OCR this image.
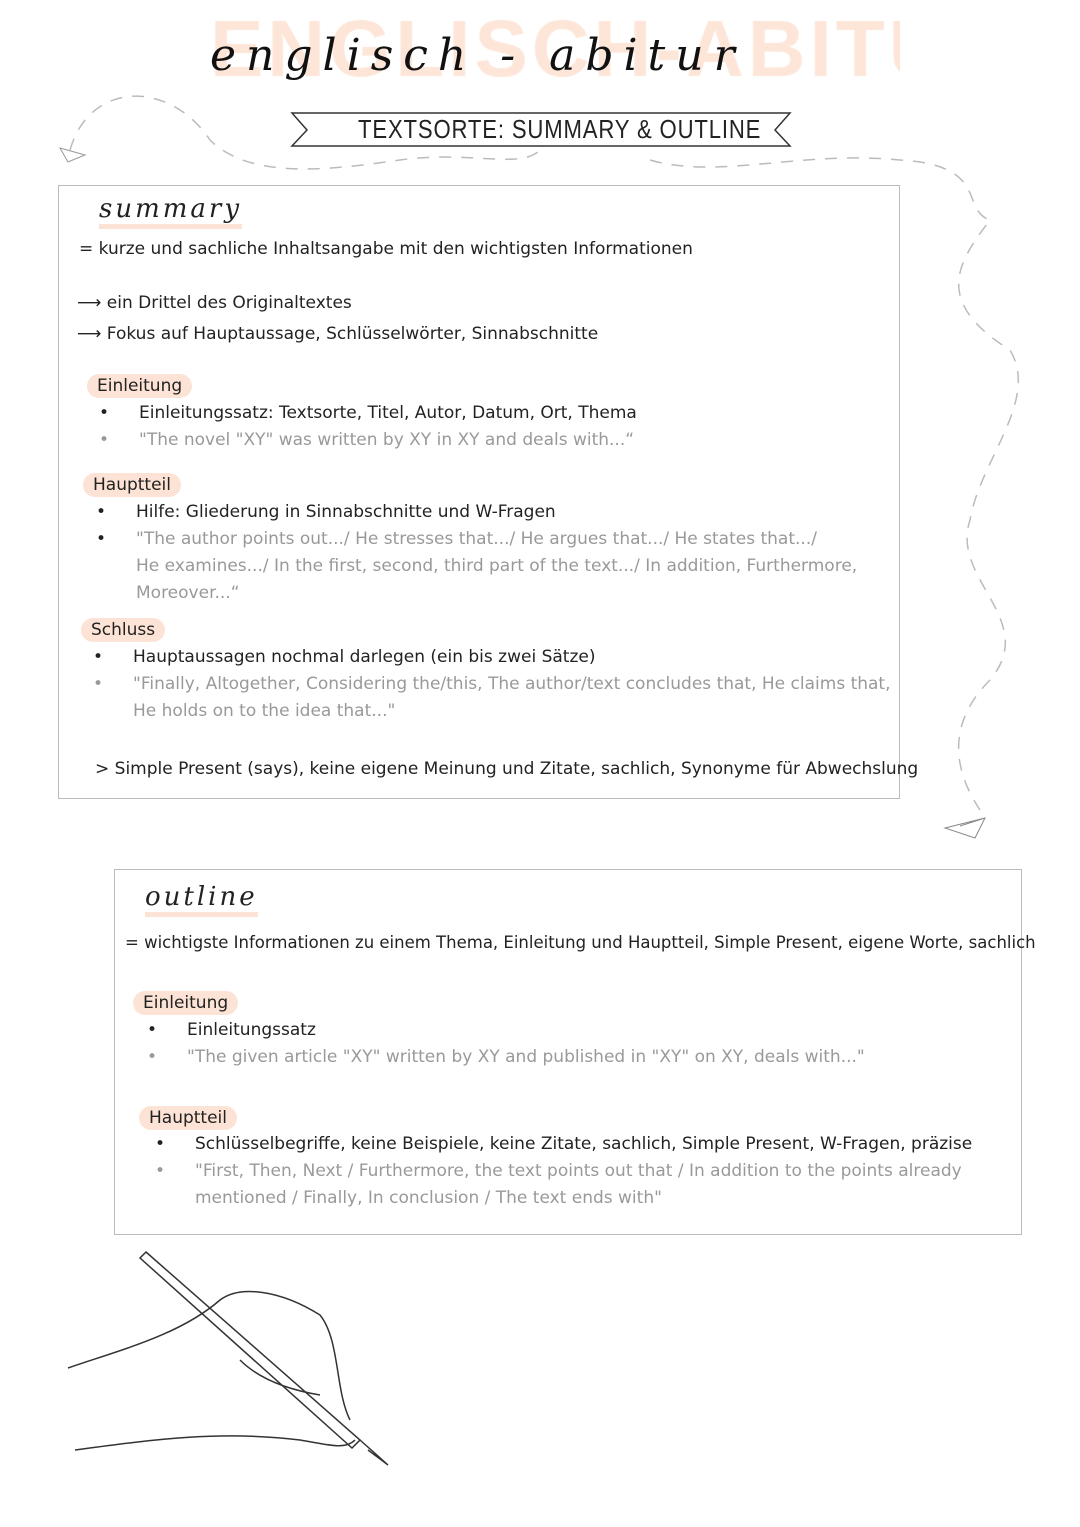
englisch - abitur
TEXTSORTE: SUMMARY & OUTLINE
summary
= kurze und sachliche Inhaltsangabe mit den wichtigsten Informationen
⟶ ein Drittel des Originaltextes
⟶ Fokus auf Hauptaussage, Schlüsselwörter, Sinnabschnitte
Einleitung
• Einleitungssatz: Textsorte, Titel, Autor, Datum, Ort, Thema
• "The novel "XY" was written by XY in XY and deals with...“
Hauptteil
• Hilfe: Gliederung in Sinnabschnitte und W-Fragen
• "The author points out.../ He stresses that.../ He argues that.../ He states that.../
He examines.../ In the first, second, third part of the text.../ In addition, Furthermore,
Moreover...“
Schluss
• Hauptaussagen nochmal darlegen (ein bis zwei Sätze)
• "Finally, Altogether, Considering the/this, The author/text concludes that, He claims that,
He holds on to the idea that..."
> Simple Present (says), keine eigene Meinung und Zitate, sachlich, Synonyme für Abwechslung
outline
= wichtigste Informationen zu einem Thema, Einleitung und Hauptteil, Simple Present, eigene Worte, sachlich
Einleitung
• Einleitungssatz
• "The given article "XY" written by XY and published in "XY" on XY, deals with..."
Hauptteil
• Schlüsselbegriffe, keine Beispiele, keine Zitate, sachlich, Simple Present, W-Fragen, präzise
• "First, Then, Next / Furthermore, the text points out that / In addition to the points already
mentioned / Finally, In conclusion / The text ends with"
